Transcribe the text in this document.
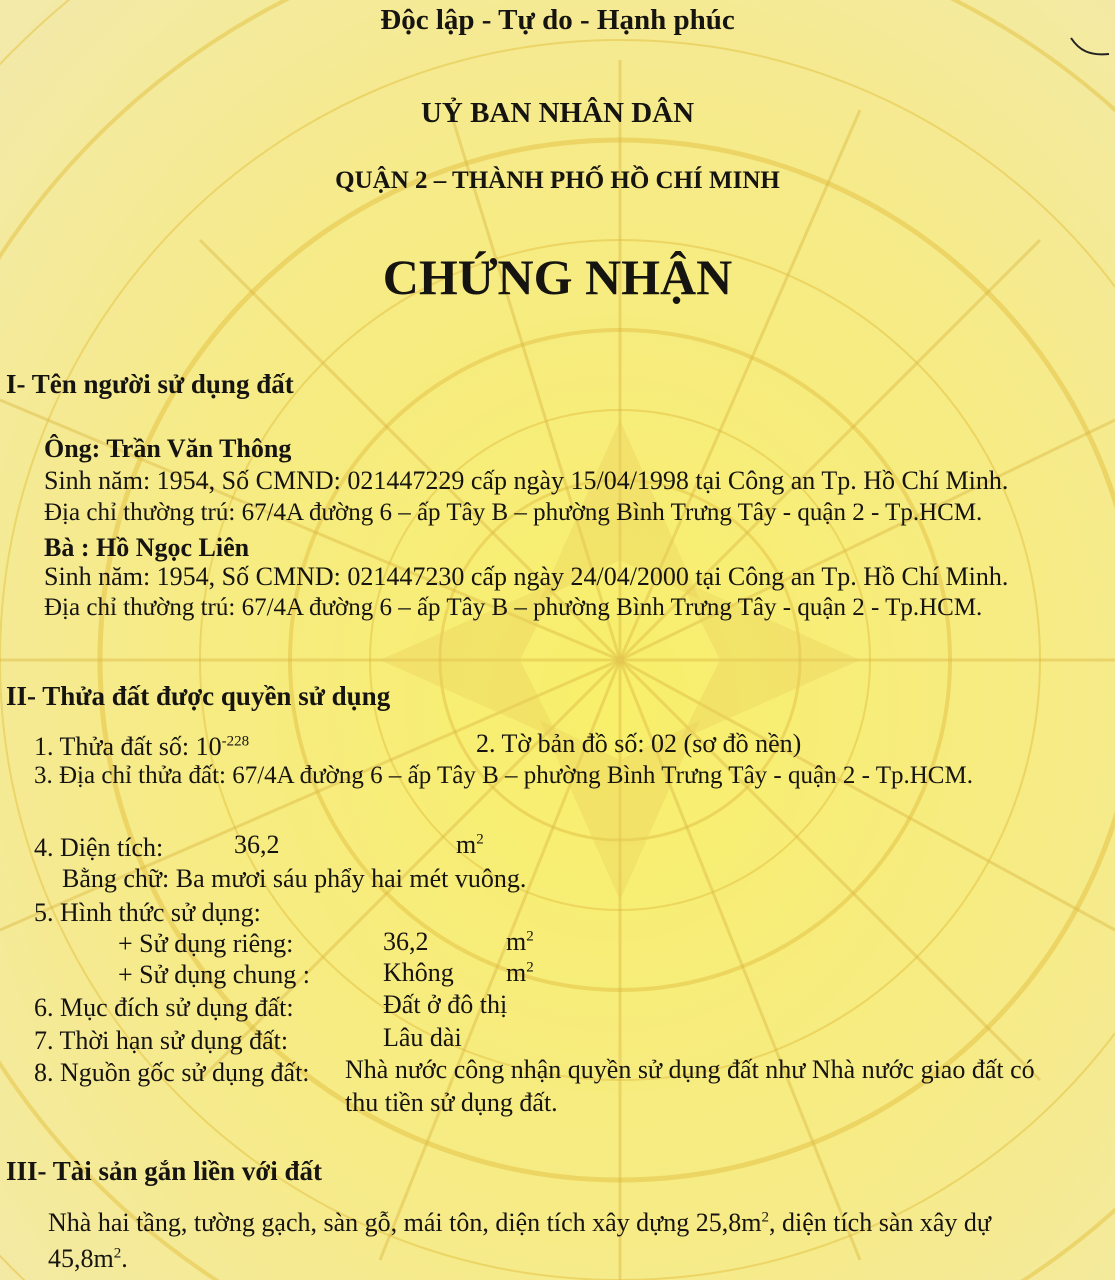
Độc lập - Tự do - Hạnh phúc
UỶ BAN NHÂN DÂN
QUẬN 2 – THÀNH PHỐ HỒ CHÍ MINH
CHỨNG NHẬN
I- Tên người sử dụng đất
Ông: Trần Văn Thông
Sinh năm: 1954, Số CMND: 021447229 cấp ngày 15/04/1998 tại Công an Tp. Hồ Chí Minh.
Địa chỉ thường trú: 67/4A đường 6 – ấp Tây B – phường Bình Trưng Tây - quận 2 - Tp.HCM.
Bà : Hồ Ngọc Liên
Sinh năm: 1954, Số CMND: 021447230 cấp ngày 24/04/2000 tại Công an Tp. Hồ Chí Minh.
Địa chỉ thường trú: 67/4A đường 6 – ấp Tây B – phường Bình Trưng Tây - quận 2 - Tp.HCM.
II- Thửa đất được quyền sử dụng
1. Thửa đất số: $10^{-228}$	2. Tờ bản đồ số: 02 (sơ đồ nền)
3. Địa chỉ thửa đất: 67/4A đường 6 – ấp Tây B – phường Bình Trưng Tây - quận 2 - Tp.HCM.
4. Diện tích:	36,2	$m^2$
Bằng chữ: Ba mươi sáu phẩy hai mét vuông.
5. Hình thức sử dụng:
+ Sử dụng riêng:	36,2	$m^2$
+ Sử dụng chung :	Không $m^2$
6. Mục đích sử dụng đất:	Đất ở đô thị
7. Thời hạn sử dụng đất:	Lâu dài
8. Nguồn gốc sử dụng đất: Nhà nước công nhận quyền sử dụng đất như Nhà nước giao đất có
thu tiền sử dụng đất.
III- Tài sản gắn liền với đất
Nhà hai tầng, tường gạch, sàn gỗ, mái tôn, diện tích xây dựng $25,8m^2$, diện tích sàn xây dự
$45,8m^2$.
